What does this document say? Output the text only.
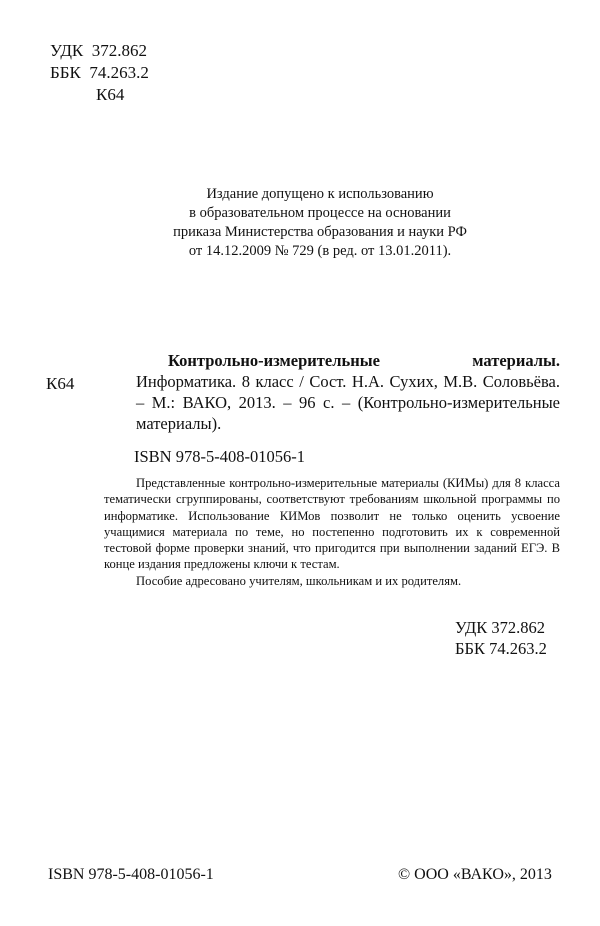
УДК  372.862
ББК  74.263.2
К64
Издание допущено к использованию
в образовательном процессе на основании
приказа Министерства образования и науки РФ
от 14.12.2009 № 729 (в ред. от 13.01.2011).
К64

Контрольно-измерительные материалы. Информатика. 8 класс / Сост. Н.А. Сухих, М.В. Соловьёва. – М.: ВАКО, 2013. – 96 с. – (Контрольно-измерительные материалы).

ISBN 978-5-408-01056-1

Представленные контрольно-измерительные материалы (КИМы) для 8 класса тематически сгруппированы, соответствуют требованиям школьной программы по информатике. Использование КИМов позволит не только оценить усвоение учащимися материала по теме, но постепенно подготовить их к современной тестовой форме проверки знаний, что пригодится при выполнении заданий ЕГЭ. В конце издания предложены ключи к тестам.

Пособие адресовано учителям, школьникам и их родителям.

УДК 372.862
ББК 74.263.2
ISBN 978-5-408-01056-1	© ООО «ВАКО», 2013
